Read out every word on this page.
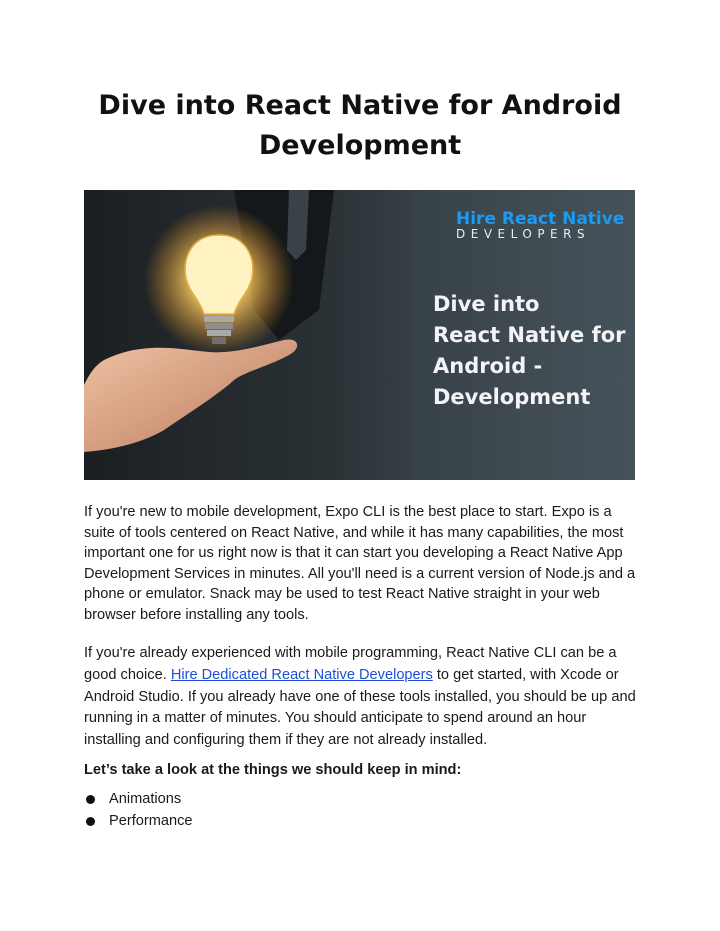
Dive into React Native for Android
Development
Hire React Native
DEVELOPERS
Dive into
React Native for
Android -
Development

If you're new to mobile development, Expo CLI is the best place to start. Expo is a suite of tools centered on React Native, and while it has many capabilities, the most important one for us right now is that it can start you developing a React Native App Development Services in minutes. All you'll need is a current version of Node.js and a phone or emulator. Snack may be used to test React Native straight in your web browser before installing any tools.

If you're already experienced with mobile programming, React Native CLI can be a good choice. Hire Dedicated React Native Developers to get started, with Xcode or Android Studio. If you already have one of these tools installed, you should be up and running in a matter of minutes. You should anticipate to spend around an hour installing and configuring them if they are not already installed.

Let’s take a look at the things we should keep in mind:

Animations
Performance
